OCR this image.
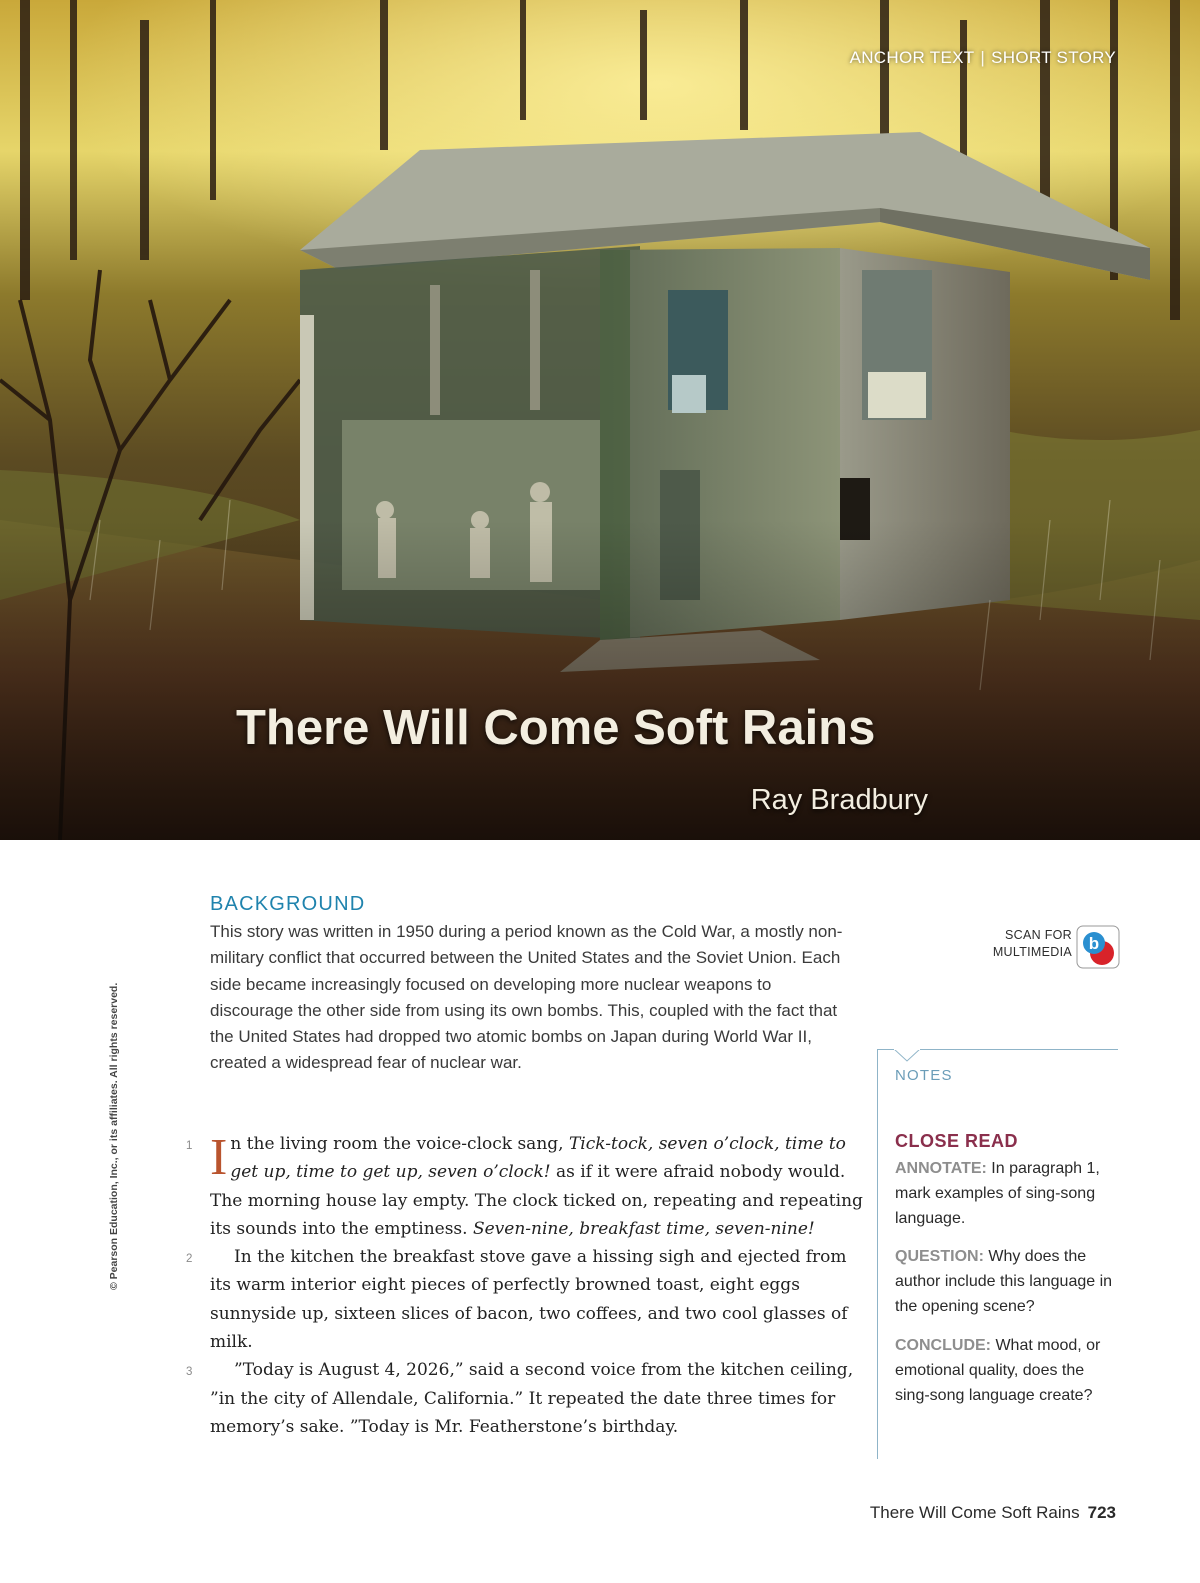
ANCHOR TEXT | SHORT STORY
There Will Come Soft Rains
Ray Bradbury
© Pearson Education, Inc., or its affiliates. All rights reserved.
BACKGROUND
This story was written in 1950 during a period known as the Cold War, a mostly non-military conflict that occurred between the United States and the Soviet Union. Each side became increasingly focused on developing more nuclear weapons to discourage the other side from using its own bombs. This, coupled with the fact that the United States had dropped two atomic bombs on Japan during World War II, created a widespread fear of nuclear war.
SCAN FOR
MULTIMEDIA b
NOTES
CLOSE READ
ANNOTATE: In paragraph 1, mark examples of sing-song language.
QUESTION: Why does the author include this language in the opening scene?
CONCLUDE: What mood, or emotional quality, does the sing-song language create?

1 I n the living room the voice-clock sang, Tick-tock, seven o’clock, time to get up, time to get up, seven o’clock! as if it were afraid nobody would. The morning house lay empty. The clock ticked on, repeating and repeating its sounds into the emptiness. Seven-nine, breakfast time, seven-nine!

2 In the kitchen the breakfast stove gave a hissing sigh and ejected from its warm interior eight pieces of perfectly browned toast, eight eggs sunnyside up, sixteen slices of bacon, two coffees, and two cool glasses of milk.

3 ”Today is August 4, 2026,” said a second voice from the kitchen ceiling, ”in the city of Allendale, California.” It repeated the date three times for memory’s sake. ”Today is Mr. Featherstone’s birthday.

There Will Come Soft Rains 723
